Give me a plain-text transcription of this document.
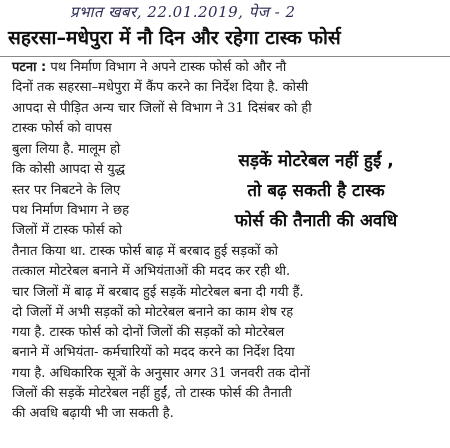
प्रभात खबर, 22.01.2019, पेज - 2
सहरसा–मधेपुरा में नौ दिन और रहेगा टास्क फोर्स
पटना : पथ निर्माण विभाग ने अपने टास्क फोर्स को और नौ
दिनों तक सहरसा–मधेपुरा में कैंप करने का निर्देश दिया है. कोसी
आपदा से पीड़ित अन्य चार जिलों से विभाग ने 31 दिसंबर को ही
टास्क फोर्स को वापस
बुला लिया है. मालूम हो
कि कोसी आपदा से युद्ध
स्तर पर निबटने के लिए
पथ निर्माण विभाग ने छह
जिलों में टास्क फोर्स को
सड़कें मोटरेबल नहीं हुईं ,
तो बढ़ सकती है टास्क
फोर्स की तैनाती की अवधि
तैनात किया था. टास्क फोर्स बाढ़ में बरबाद हुई सड़कों को
तत्काल मोटरेबल बनाने में अभियंताओं की मदद कर रही थी.
चार जिलों में बाढ़ में बरबाद हुई सड़कें मोटरेबल बना दी गयी हैं.
दो जिलों में अभी सड़कों को मोटरेबल बनाने का काम शेष रह
गया है. टास्क फोर्स को दोनों जिलों की सड़कों को मोटरेबल
बनाने में अभियंता- कर्मचारियों को मदद करने का निर्देश दिया
गया है. अधिकारिक सूत्रों के अनुसार अगर 31 जनवरी तक दोनों
जिलों की सड़कें मोटरेबल नहीं हुईं, तो टास्क फोर्स की तैनाती
की अवधि बढ़ायी भी जा सकती है.
